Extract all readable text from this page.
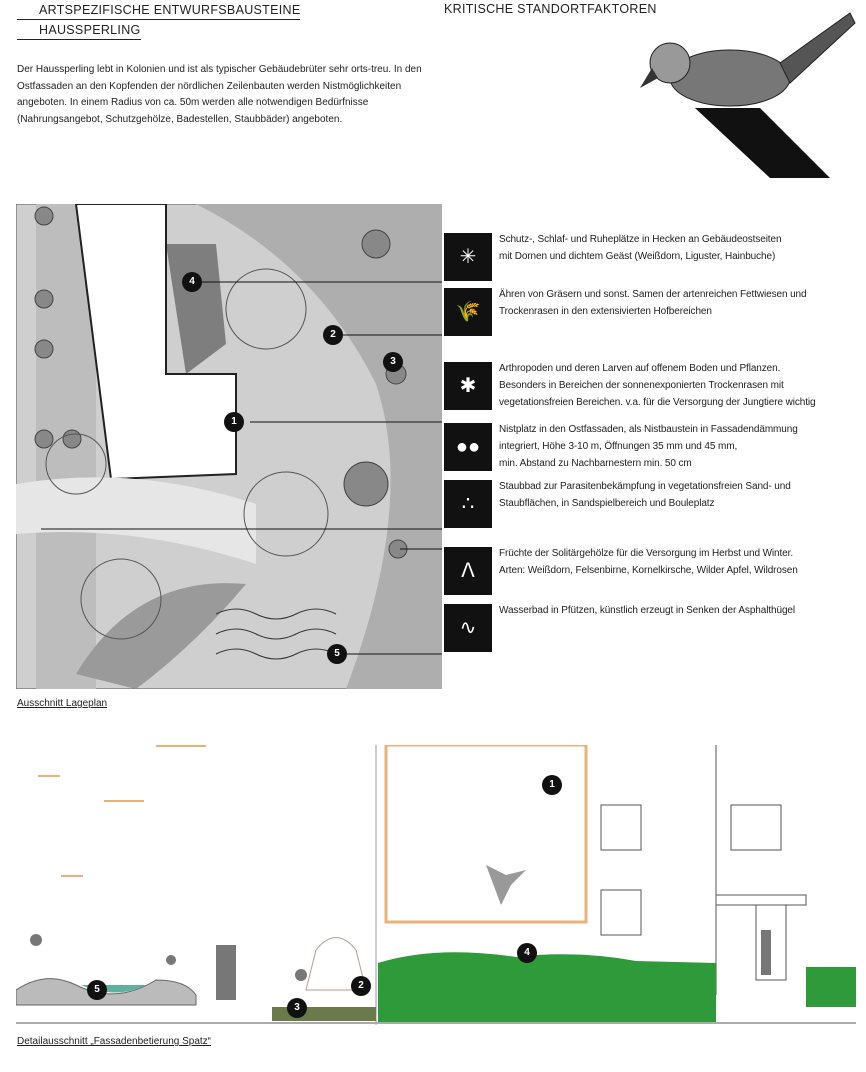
ARTSPEZIFISCHE ENTWURFSBAUSTEINE
HAUSSPERLING
KRITISCHE STANDORTFAKTOREN
Der Haussperling lebt in Kolonien und ist als typischer Gebäudebrüter sehr orts-treu. In den Ostfassaden an den Kopfenden der nördlichen Zeilenbauten werden Nistmöglichkeiten angeboten. In einem Radius von ca. 50m werden alle notwendigen Bedürfnisse (Nahrungsangebot, Schutzgehölze, Badestellen, Staubbäder) angeboten.
4
2
3
1
5
Ausschnitt Lageplan
✳
Schutz-, Schlaf- und Ruheplätze in Hecken an Gebäudeostseiten
mit Dornen und dichtem Geäst (Weißdorn, Liguster, Hainbuche)
🌾
Ähren von Gräsern und sonst. Samen der artenreichen Fettwiesen und
Trockenrasen in den extensivierten Hofbereichen
✱
Arthropoden und deren Larven auf offenem Boden und Pflanzen.
Besonders in Bereichen der sonnenexponierten Trockenrasen mit
vegetationsfreien Bereichen. v.a. für die Versorgung der Jungtiere wichtig
●●
Nistplatz in den Ostfassaden, als Nistbaustein in Fassadendämmung
integriert, Höhe 3-10 m, Öffnungen 35 mm und 45 mm,
min. Abstand zu Nachbarnestern min. 50 cm
∴
Staubbad zur Parasitenbekämpfung in vegetationsfreien Sand- und
Staubflächen, in Sandspielbereich und Bouleplatz
ᐱ
Früchte der Solitärgehölze für die Versorgung im Herbst und Winter.
Arten: Weißdorn, Felsenbirne, Kornelkirsche, Wilder Apfel, Wildrosen
∿
Wasserbad in Pfützen, künstlich erzeugt in Senken der Asphalthügel
1
4
2
3
5
Detailausschnitt „Fassadenbetierung Spatz“
